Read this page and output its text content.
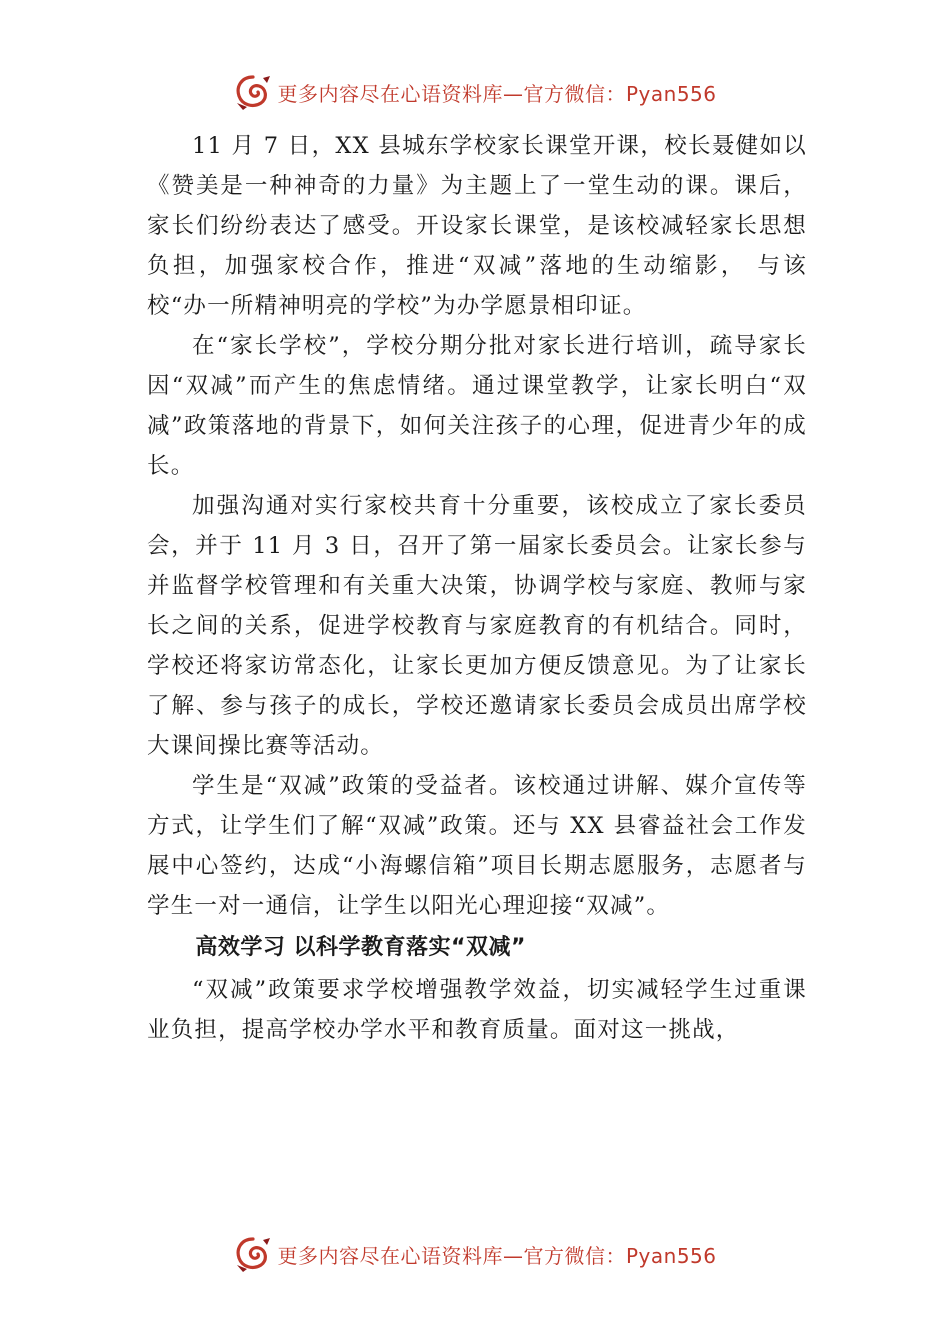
更多内容尽在心语资料库—官方微信：Pyan556

11 月 7 日，XX 县城东学校家长课堂开课，校长聂健如以《赞美是一种神奇的力量》为主题上了一堂生动的课。课后，家长们纷纷表达了感受。开设家长课堂，是该校减轻家长思想负担，加强家校合作，推进“双减”落地的生动缩影， 与该校“办一所精神明亮的学校”为办学愿景相印证。

在“家长学校”，学校分期分批对家长进行培训，疏导家长因“双减”而产生的焦虑情绪。通过课堂教学，让家长明白“双减”政策落地的背景下，如何关注孩子的心理，促进青少年的成长。

加强沟通对实行家校共育十分重要，该校成立了家长委员会，并于 11 月 3 日，召开了第一届家长委员会。让家长参与并监督学校管理和有关重大决策，协调学校与家庭、教师与家长之间的关系，促进学校教育与家庭教育的有机结合。同时，学校还将家访常态化，让家长更加方便反馈意见。为了让家长了解、参与孩子的成长，学校还邀请家长委员会成员出席学校大课间操比赛等活动。

学生是“双减”政策的受益者。该校通过讲解、媒介宣传等方式，让学生们了解“双减”政策。还与 XX 县睿益社会工作发展中心签约，达成“小海螺信箱”项目长期志愿服务，志愿者与学生一对一通信，让学生以阳光心理迎接“双减”。

高效学习 以科学教育落实“双减”

“双减”政策要求学校增强教学效益，切实减轻学生过重课业负担，提高学校办学水平和教育质量。面对这一挑战，

更多内容尽在心语资料库—官方微信：Pyan556
